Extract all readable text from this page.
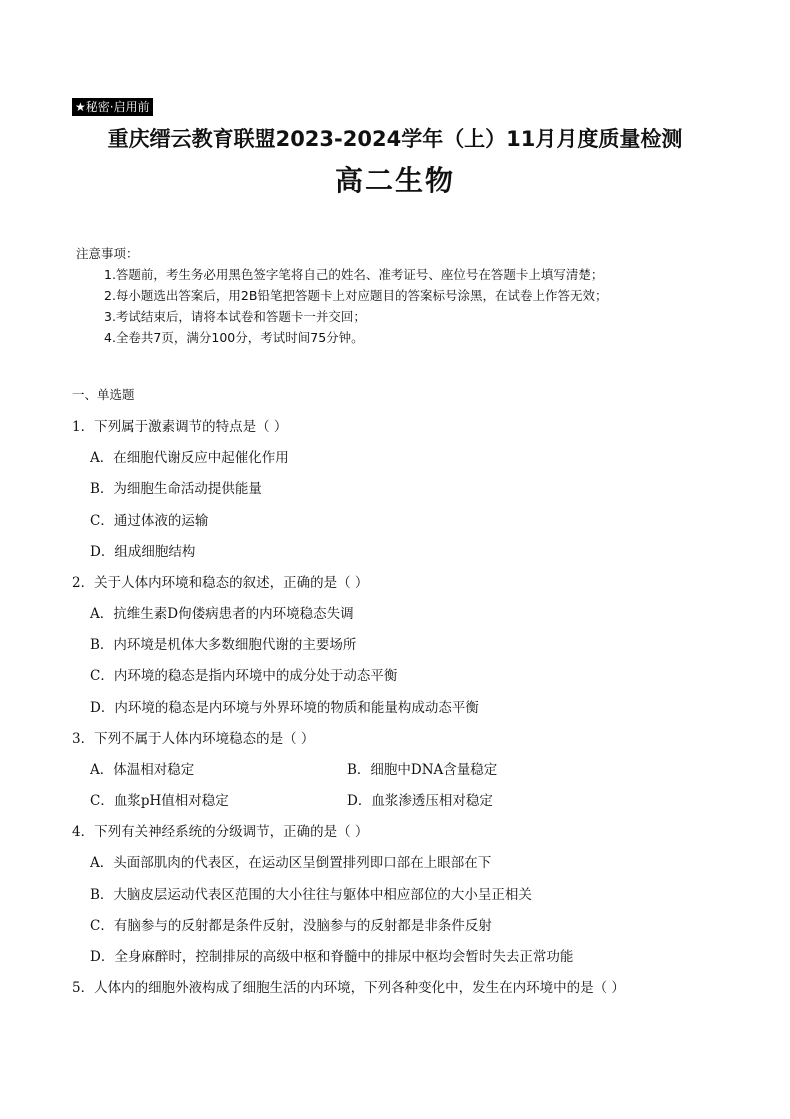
★秘密·启用前
重庆缙云教育联盟2023-2024学年（上）11月月度质量检测
高二生物
注意事项：
1.答题前，考生务必用黑色签字笔将自己的姓名、准考证号、座位号在答题卡上填写清楚；
2.每小题选出答案后，用2B铅笔把答题卡上对应题目的答案标号涂黑，在试卷上作答无效；
3.考试结束后，请将本试卷和答题卡一并交回；
4.全卷共7页，满分100分，考试时间75分钟。
一、单选题
1．下列属于激素调节的特点是（ ）
A．在细胞代谢反应中起催化作用
B．为细胞生命活动提供能量
C．通过体液的运输
D．组成细胞结构
2．关于人体内环境和稳态的叙述，正确的是（ ）
A．抗维生素D佝偻病患者的内环境稳态失调
B．内环境是机体大多数细胞代谢的主要场所
C．内环境的稳态是指内环境中的成分处于动态平衡
D．内环境的稳态是内环境与外界环境的物质和能量构成动态平衡
3．下列不属于人体内环境稳态的是（ ）
A．体温相对稳定	B．细胞中DNA含量稳定
C．血浆pH值相对稳定	D．血浆渗透压相对稳定
4．下列有关神经系统的分级调节，正确的是（ ）
A．头面部肌肉的代表区，在运动区呈倒置排列即口部在上眼部在下
B．大脑皮层运动代表区范围的大小往往与躯体中相应部位的大小呈正相关
C．有脑参与的反射都是条件反射，没脑参与的反射都是非条件反射
D．全身麻醉时，控制排尿的高级中枢和脊髓中的排尿中枢均会暂时失去正常功能
5．人体内的细胞外液构成了细胞生活的内环境，下列各种变化中，发生在内环境中的是（ ）
